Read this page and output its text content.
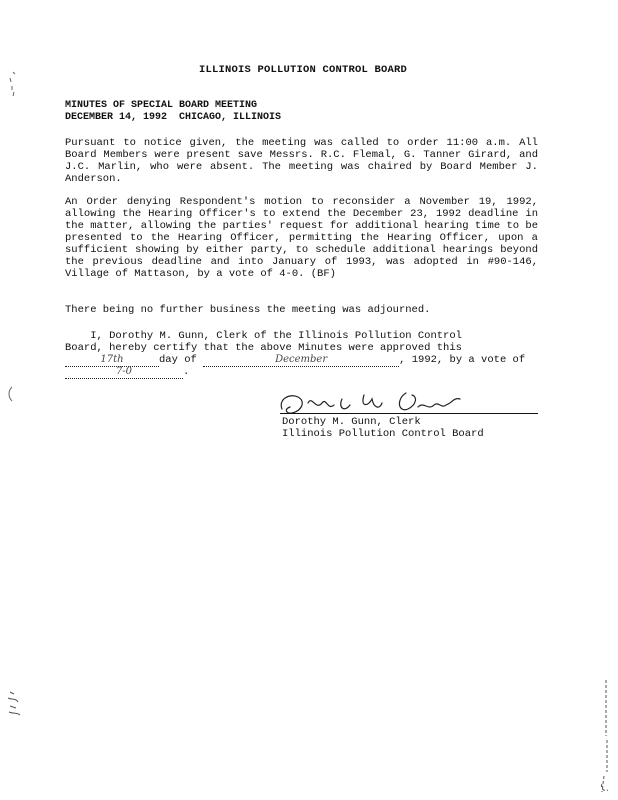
ILLINOIS POLLUTION CONTROL BOARD
MINUTES OF SPECIAL BOARD MEETING
DECEMBER 14, 1992  CHICAGO, ILLINOIS
Pursuant to notice given, the meeting was called to order 11:00 a.m. All Board Members were present save Messrs. R.C. Flemal, G. Tanner Girard, and J.C. Marlin, who were absent. The meeting was chaired by Board Member J. Anderson.
An Order denying Respondent's motion to reconsider a November 19, 1992, allowing the Hearing Officer's to extend the December 23, 1992 deadline in the matter, allowing the parties' request for additional hearing time to be presented to the Hearing Officer, permitting the Hearing Officer, upon a sufficient showing by either party, to schedule additional hearings beyond the previous deadline and into January of 1993, was adopted in #90-146, Village of Mattason, by a vote of 4-0. (BF)
There being no further business the meeting was adjourned.
I, Dorothy M. Gunn, Clerk of the Illinois Pollution Control
Board, hereby certify that the above Minutes were approved this
17th	day of	December	, 1992, by a vote of
7-0	.
Dorothy M. Gunn, Clerk
Illinois Pollution Control Board
